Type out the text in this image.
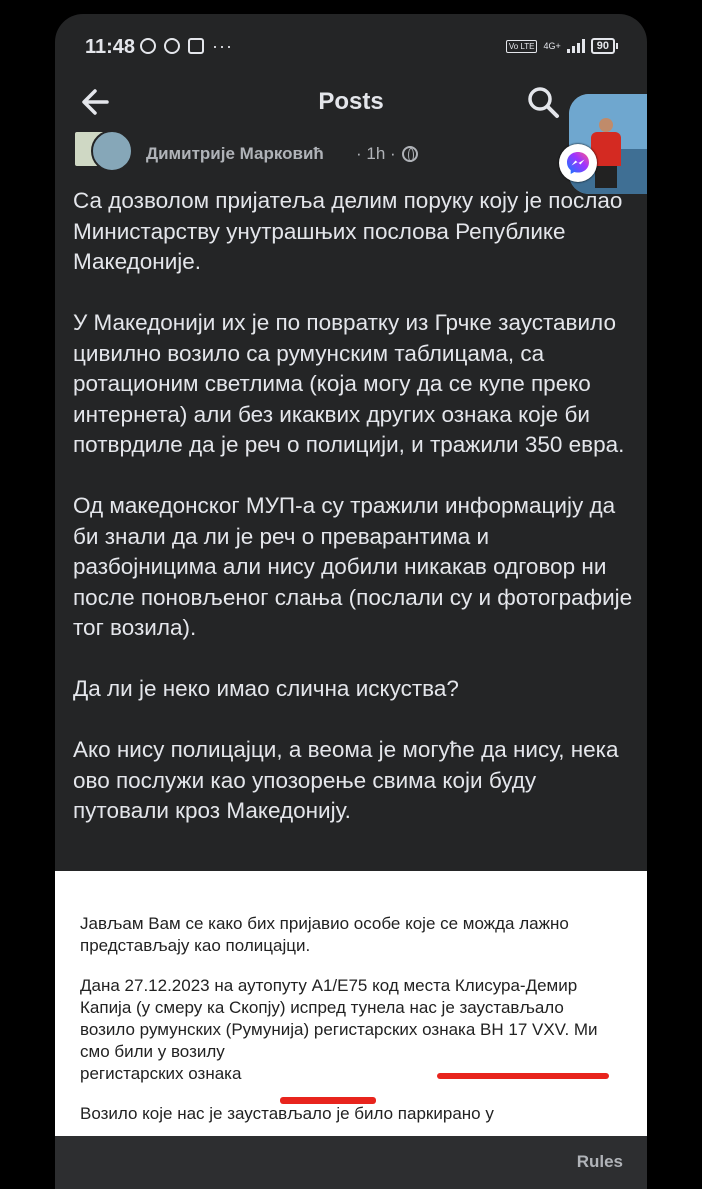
11:48	···	Vo LTE	4G+	90
Posts
Димитрије Марковић · 1h ·

Са дозволом пријатеља делим поруку коју је послао Министарству унутрашњих послова Републике Македоније.

У Македонији их је по повратку из Грчке зауставило цивилно возило са румунским таблицама, са ротационим светлима (која могу да се купе преко интернета) али без икаквих других ознака које би потврдиле да је реч о полицији, и тражили 350 евра.

Од македонског МУП-а су тражили информацију да би знали да ли је реч о преварантима и разбојницима али нису добили никакав одговор ни после поновљеног слања (послали су и фотографије тог возила).

Да ли је неко имао слична искуства?

Ако нису полицајци, а веома је могуће да нису, нека ово послужи као упозорење свима који буду путовали кроз Македонију.

Јављам Вам се како бих пријавио особе које се можда лажно представљају као полицајци.

Дана 27.12.2023 на аутопуту А1/Е75 код места Клисура-Демир Капија (у смеру ка Скопју) испред тунела нас је заустављало возило румунских (Румунија) регистарских ознака ВН 17 VXV. Ми смо били у возилу
регистарских ознака

Возило које нас је заустављало је било паркирано у

Rules
